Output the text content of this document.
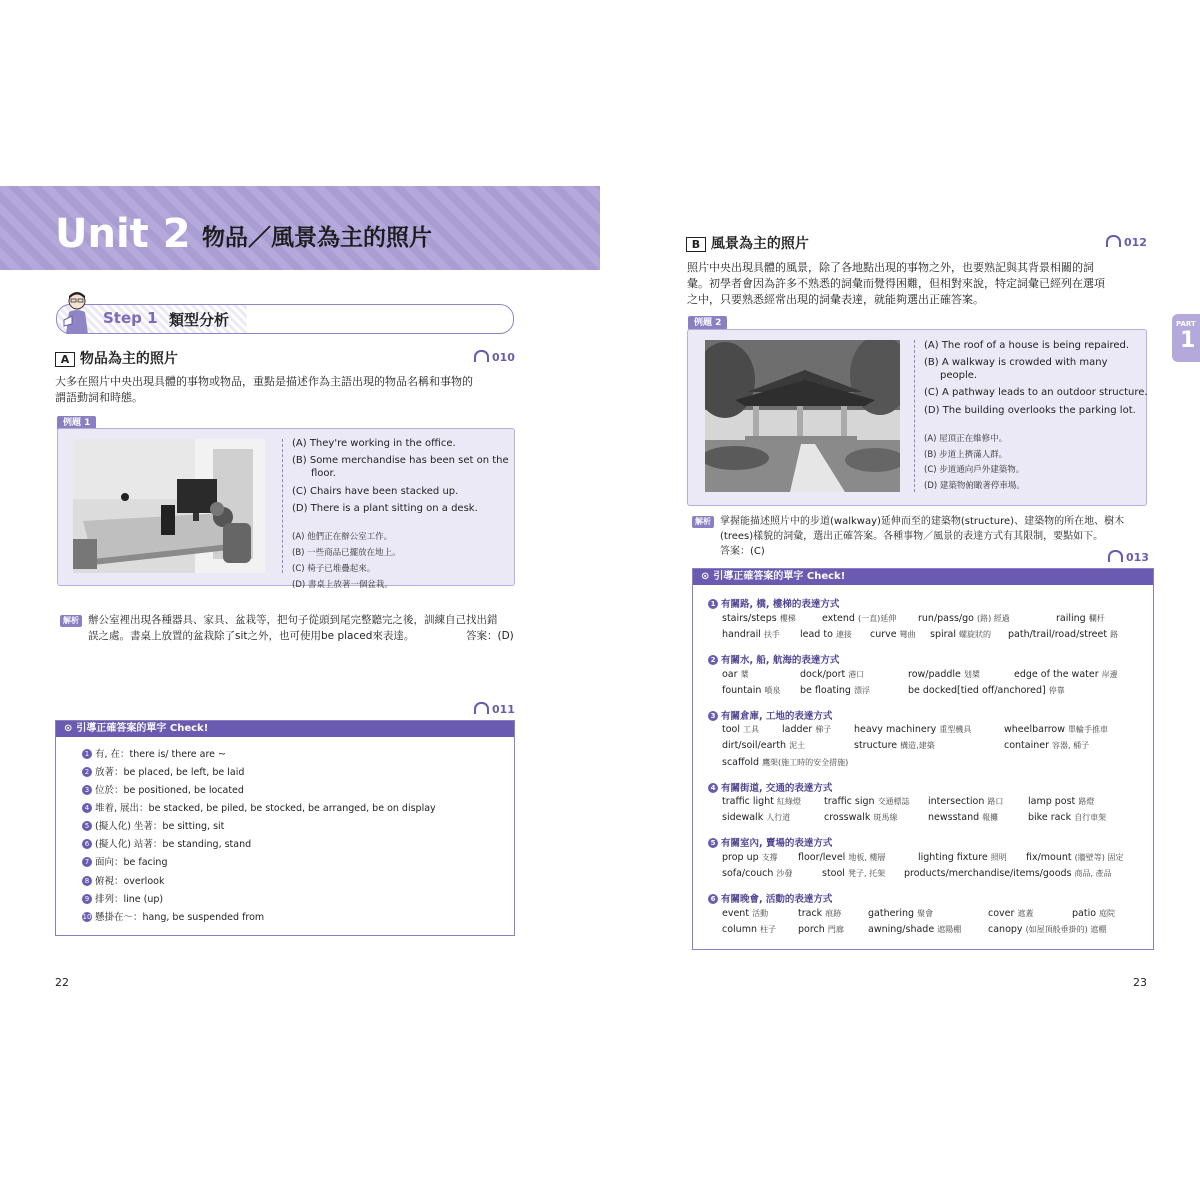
Unit 2 物品／風景為主的照片
Step 1 類型分析
A 物品為主的照片	010
大多在照片中央出現具體的事物或物品，重點是描述作為主語出現的物品名稱和事物的
謂語動詞和時態。
例題 1
(A) They're working in the office.
(B) Some merchandise has been set on the
floor.
(C) Chairs have been stacked up.
(D) There is a plant sitting on a desk.
(A) 他們正在辦公室工作。
(B) 一些商品已擺放在地上。
(C) 椅子已堆疊起來。
(D) 書桌上放著一個盆栽。
解析 辦公室裡出現各種器具、家具、盆栽等，把句子從頭到尾完整聽完之後，訓練自己找出錯
誤之處。書桌上放置的盆栽除了sit之外，也可使用be placed來表達。	答案：(D)
011
⊙ 引導正確答案的單字 Check!
1 有, 在：there is/ there are ~
2 放著：be placed, be left, be laid
3 位於：be positioned, be located
4 堆着, 展出：be stacked, be piled, be stocked, be arranged, be on display
5 (擬人化) 坐著：be sitting, sit
6 (擬人化) 站著：be standing, stand
7 面向：be facing
8 俯視：overlook
9 排列：line (up)
10 懸掛在～：hang, be suspended from
22
B 風景為主的照片	012
照片中央出現具體的風景，除了各地點出現的事物之外，也要熟記與其背景相關的詞
彙。初學者會因為許多不熟悉的詞彙而覺得困難，但相對來說，特定詞彙已經列在選項
之中，只要熟悉經常出現的詞彙表達，就能夠選出正確答案。
PART
1
例題 2
(A) The roof of a house is being repaired.
(B) A walkway is crowded with many
people.
(C) A pathway leads to an outdoor structure.
(D) The building overlooks the parking lot.
(A) 屋頂正在維修中。
(B) 步道上擠滿人群。
(C) 步道通向戶外建築物。
(D) 建築物俯瞰著停車場。
解析 掌握能描述照片中的步道(walkway)延伸而至的建築物(structure)、建築物的所在地、樹木
(trees)樣貌的詞彙，選出正確答案。各種事物／風景的表達方式有其限制，要點如下。
答案：(C)	013
⊙ 引導正確答案的單字 Check!
1 有關路, 橋, 樓梯的表達方式
stairs/steps 樓梯	extend (一直)延伸 run/pass/go (路) 經過	railing 欄杆
handrail 扶手 lead to 連接 curve 彎曲 spiral 螺旋狀的 path/trail/road/street 路
2 有關水, 船, 航海的表達方式
oar 槳	dock/port 港口	row/paddle 划槳	edge of the water 岸邊
fountain 噴泉 be floating 漂浮	be docked[tied off/anchored] 停靠
3 有關倉庫, 工地的表達方式
tool 工具 ladder 梯子 heavy machinery 重型機具	wheelbarrow 單輪手推車
dirt/soil/earth 泥土	structure 構造,建築	container 容器, 桶子
scaffold 鷹架(施工時的安全措施)
4 有關街道, 交通的表達方式
traffic light 紅綠燈 traffic sign 交通標誌 intersection 路口	lamp post 路燈
sidewalk 人行道	crosswalk 斑馬線	newsstand 報攤	bike rack 自行車架
5 有關室內, 賣場的表達方式
prop up 支撐 floor/level 地板, 樓層	lighting fixture 照明 fix/mount (牆壁等) 固定
sofa/couch 沙發	stool 凳子, 托架 products/merchandise/items/goods 商品, 產品
6 有關晚會, 活動的表達方式
event 活動	track 痕跡	gathering 聚會	cover 遮蓋	patio 庭院
column 柱子 porch 門廊	awning/shade 遮陽棚	canopy (如屋頂般垂掛的) 遮棚
23
